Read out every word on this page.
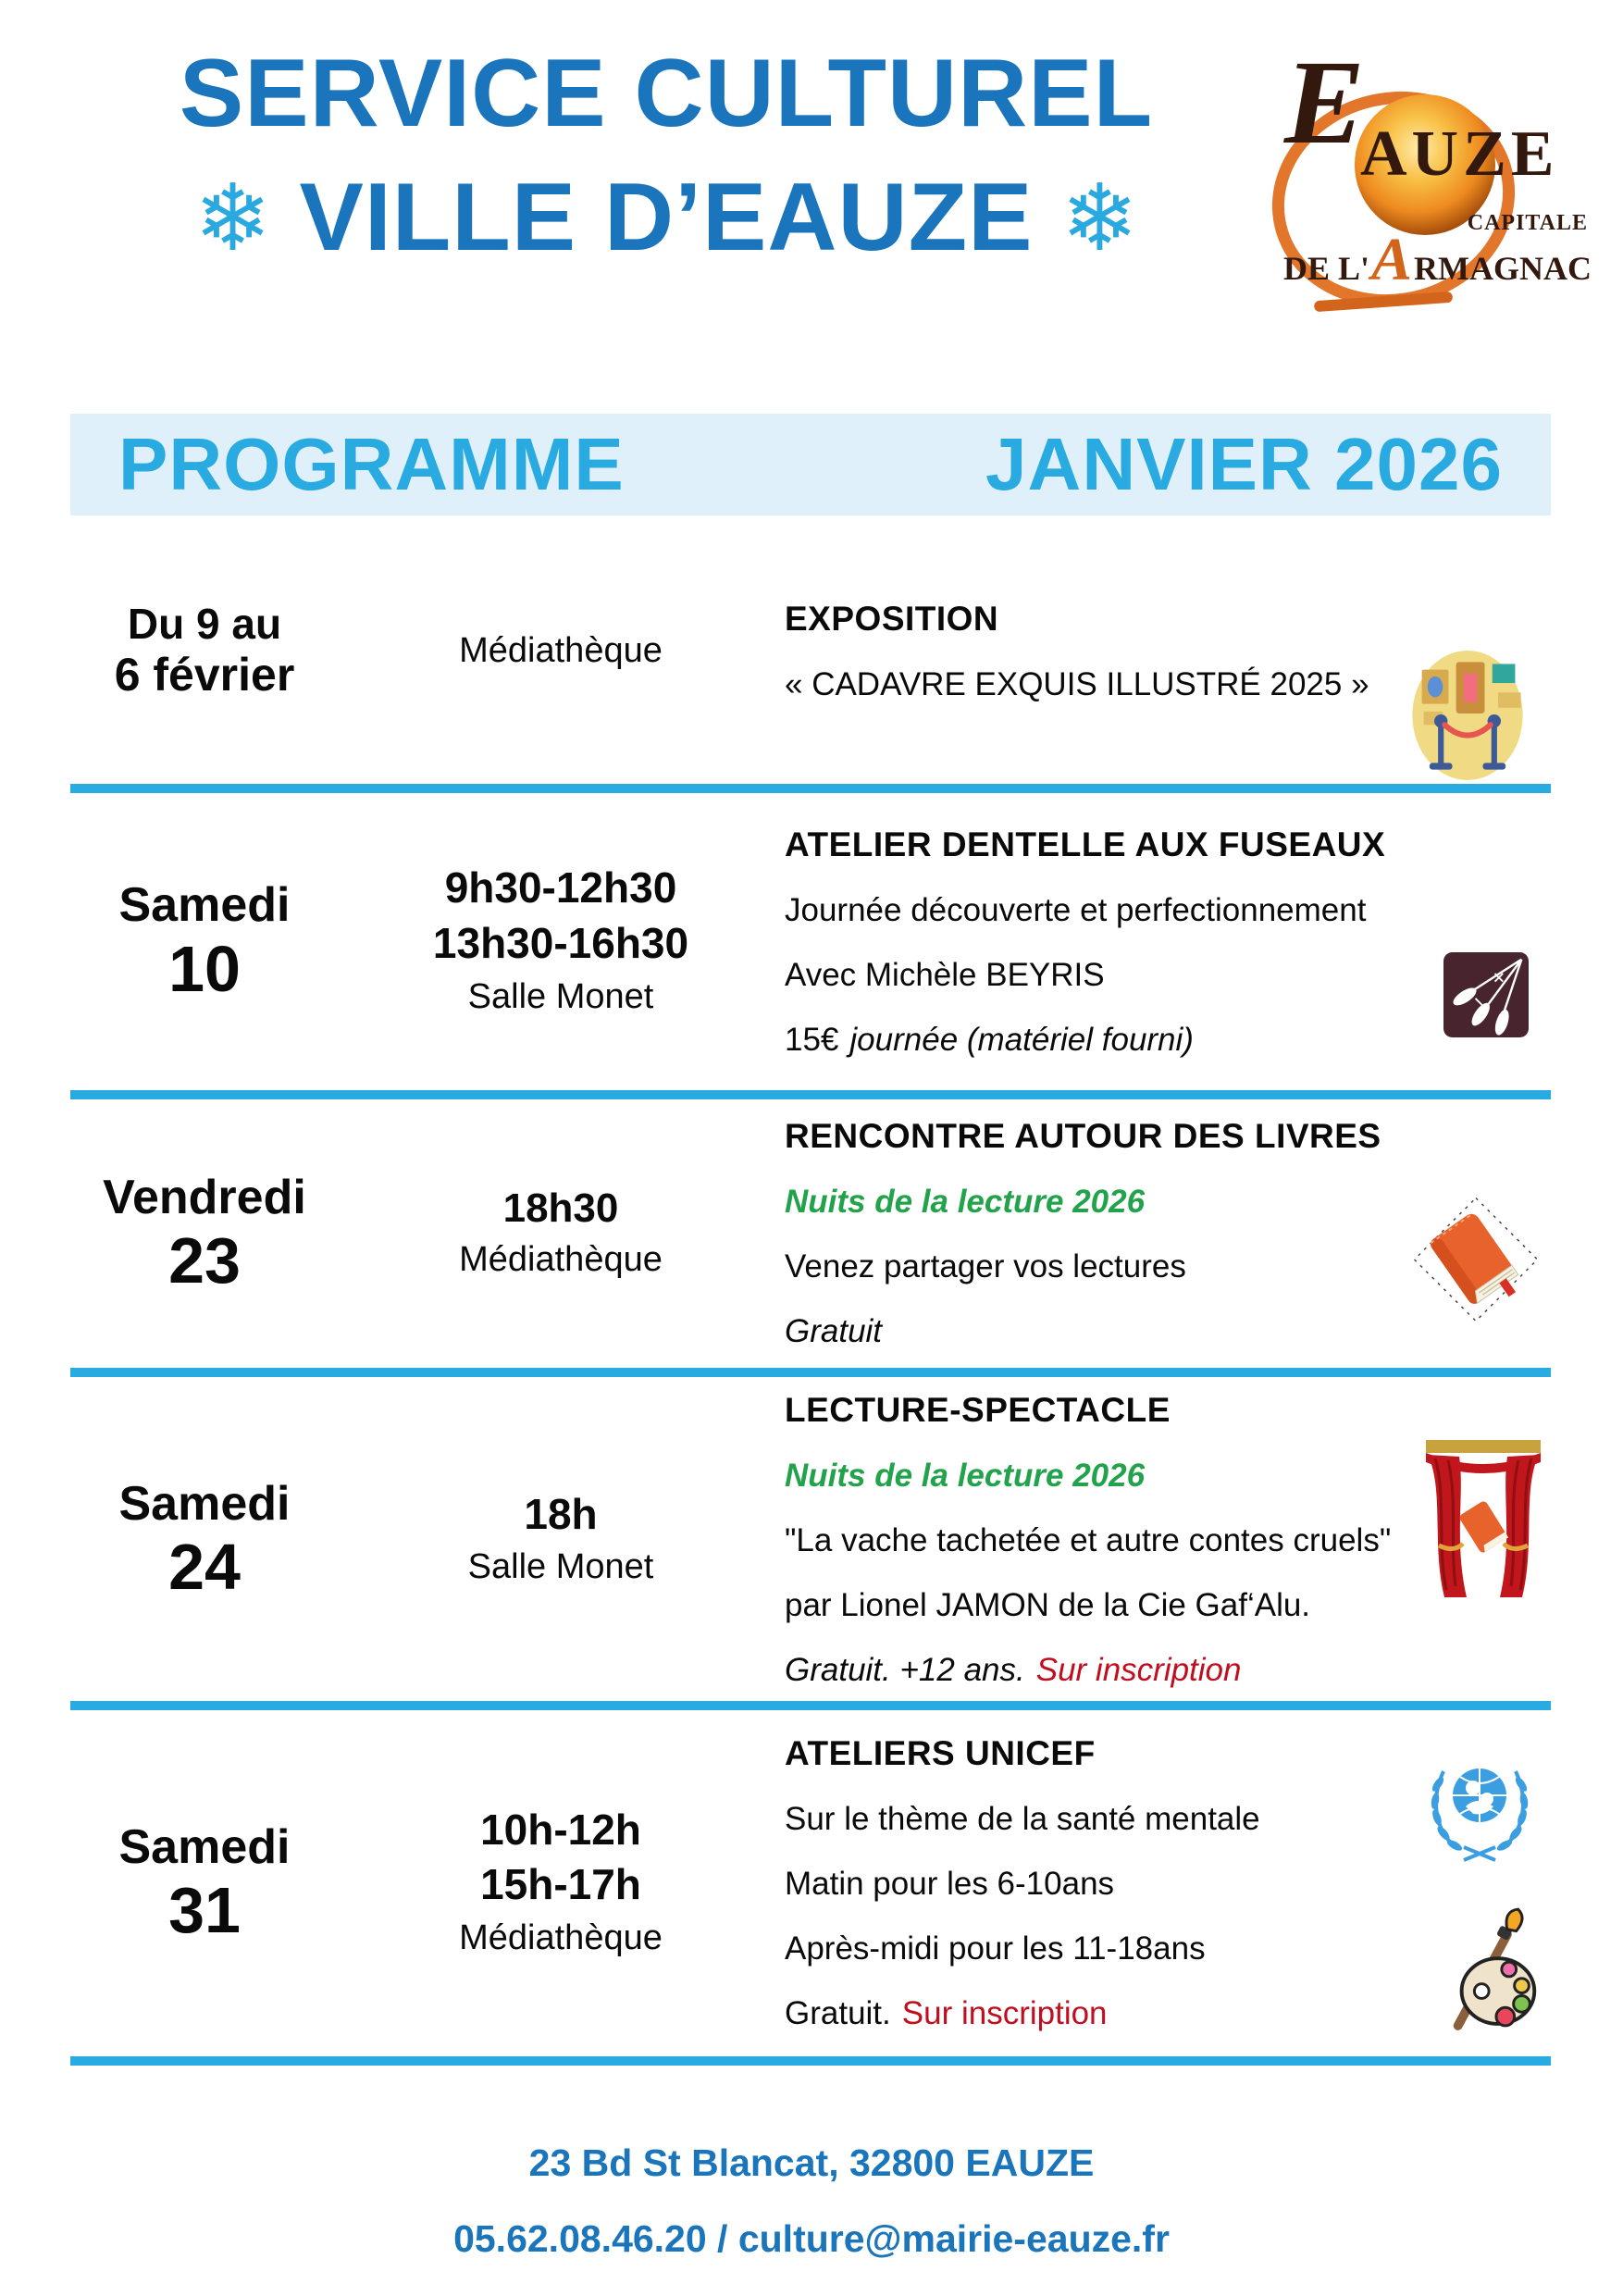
SERVICE CULTUREL
❄ VILLE D’EAUZE ❄
E
AUZE
CAPITALE
DE L' A RMAGNAC
PROGRAMME	JANVIER 2026
Du 9 au
6 février	Médiathèque
EXPOSITION
« CADAVRE EXQUIS ILLUSTRÉ 2025 »
Samedi
10
9h30-12h30
13h30-16h30
Salle Monet
ATELIER DENTELLE AUX FUSEAUX
Journée découverte et perfectionnement
Avec Michèle BEYRIS
15€ journée (matériel fourni)
Vendredi
23
18h30
Médiathèque
RENCONTRE AUTOUR DES LIVRES
Nuits de la lecture 2026
Venez partager vos lectures
Gratuit
Samedi
24
18h
Salle Monet
LECTURE-SPECTACLE
Nuits de la lecture 2026
"La vache tachetée et autre contes cruels"
par Lionel JAMON de la Cie Gaf‘Alu.
Gratuit. +12 ans. Sur inscription
Samedi
31
10h-12h
15h-17h
Médiathèque
ATELIERS UNICEF
Sur le thème de la santé mentale
Matin pour les 6-10ans
Après-midi pour les 11-18ans
Gratuit. Sur inscription
23 Bd St Blancat, 32800 EAUZE
05.62.08.46.20 / culture@mairie-eauze.fr
